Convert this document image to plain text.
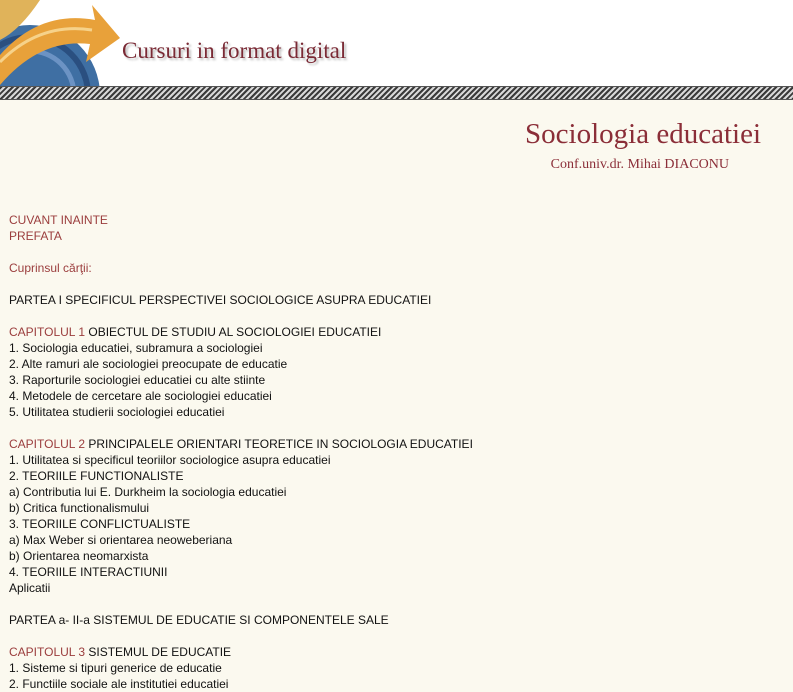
Cursuri in format digital
Sociologia educatiei
Conf.univ.dr. Mihai DIACONU
CUVANT INAINTE
PREFATA
Cuprinsul cărţii:
PARTEA I SPECIFICUL PERSPECTIVEI SOCIOLOGICE ASUPRA EDUCATIEI
CAPITOLUL 1 OBIECTUL DE STUDIU AL SOCIOLOGIEI EDUCATIEI
1. Sociologia educatiei, subramura a sociologiei
2. Alte ramuri ale sociologiei preocupate de educatie
3. Raporturile sociologiei educatiei cu alte stiinte
4. Metodele de cercetare ale sociologiei educatiei
5. Utilitatea studierii sociologiei educatiei
CAPITOLUL 2 PRINCIPALELE ORIENTARI TEORETICE IN SOCIOLOGIA EDUCATIEI
1. Utilitatea si specificul teoriilor sociologice asupra educatiei
2. TEORIILE FUNCTIONALISTE
a) Contributia lui E. Durkheim la sociologia educatiei
b) Critica functionalismului
3. TEORIILE CONFLICTUALISTE
a) Max Weber si orientarea neoweberiana
b) Orientarea neomarxista
4. TEORIILE INTERACTIUNII
Aplicatii
PARTEA a- II-a SISTEMUL DE EDUCATIE SI COMPONENTELE SALE
CAPITOLUL 3 SISTEMUL DE EDUCATIE
1. Sisteme si tipuri generice de educatie
2. Functiile sociale ale institutiei educatiei
